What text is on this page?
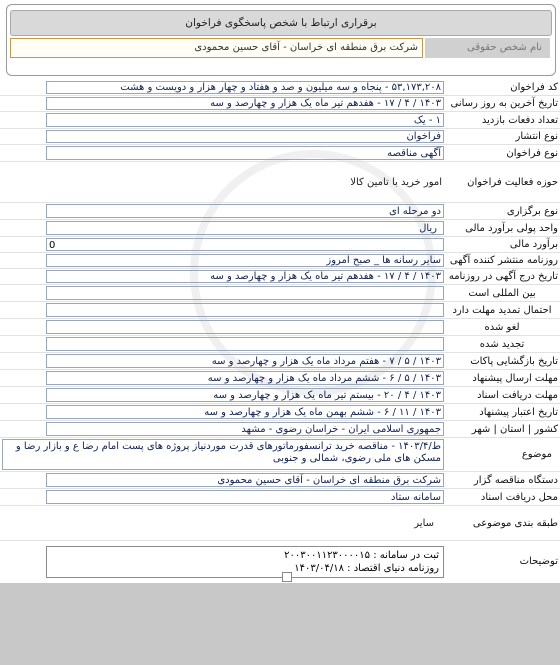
برقراری ارتباط با شخص پاسخگوی فراخوان
نام شخص حقوقی
شرکت برق منطقه ای خراسان - آقای حسین محمودی
کد فراخوان
۵۳,۱۷۳,۲۰۸ - پنجاه و سه میلیون و صد و هفتاد و چهار هزار و دویست و هشت
تاریخ آخرین به روز رسانی
۱۴۰۳ / ۴ / ۱۷ - هفدهم تیر ماه یک هزار و چهارصد و سه
تعداد دفعات بازدید
۱ - یک
نوع انتشار
فراخوان
نوع فراخوان
آگهی مناقصه
حوزه فعالیت فراخوان
امور خرید با تامین کالا
نوع برگزاری
دو مرحله ای
واحد پولی برآورد مالی
ریال
برآورد مالی
0
روزنامه منتشر کننده آگهی
سایر رسانه ها _ صبح امروز
تاریخ درج آگهی در روزنامه
۱۴۰۳ / ۴ / ۱۷ - هفدهم تیر ماه یک هزار و چهارصد و سه
بین المللی است
احتمال تمدید مهلت دارد
لغو شده
تجدید شده
تاریخ بازگشایی پاکات
۱۴۰۳ / ۵ / ۷ - هفتم مرداد ماه یک هزار و چهارصد و سه
مهلت ارسال پیشنهاد
۱۴۰۳ / ۵ / ۶ - ششم مرداد ماه یک هزار و چهارصد و سه
مهلت دریافت اسناد
۱۴۰۳ / ۴ / ۲۰ - بیستم تیر ماه یک هزار و چهارصد و سه
تاریخ اعتبار پیشنهاد
۱۴۰۳ / ۱۱ / ۶ - ششم بهمن ماه یک هزار و چهارصد و سه
کشور | استان | شهر
جمهوری اسلامی ایران - خراسان رضوی - مشهد
موضوع
ط/۱۴۰۳/۴ - مناقصه خرید ترانسفورماتورهای قدرت موردنیاز پروژه های پست امام رضا ع و بازار رضا و مسکن های ملی رضوی، شمالی و جنوبی
دستگاه مناقصه گزار
شرکت برق منطقه ای خراسان - آقای حسین محمودی
محل دریافت اسناد
سامانه ستاد
طبقه بندی موضوعی
سایر
توضیحات
ثبت در سامانه : ۲۰۰۳۰۰۱۱۲۳۰۰۰۰۱۵
روزنامه دنیای اقتصاد : ۱۴۰۳/۰۴/۱۸
